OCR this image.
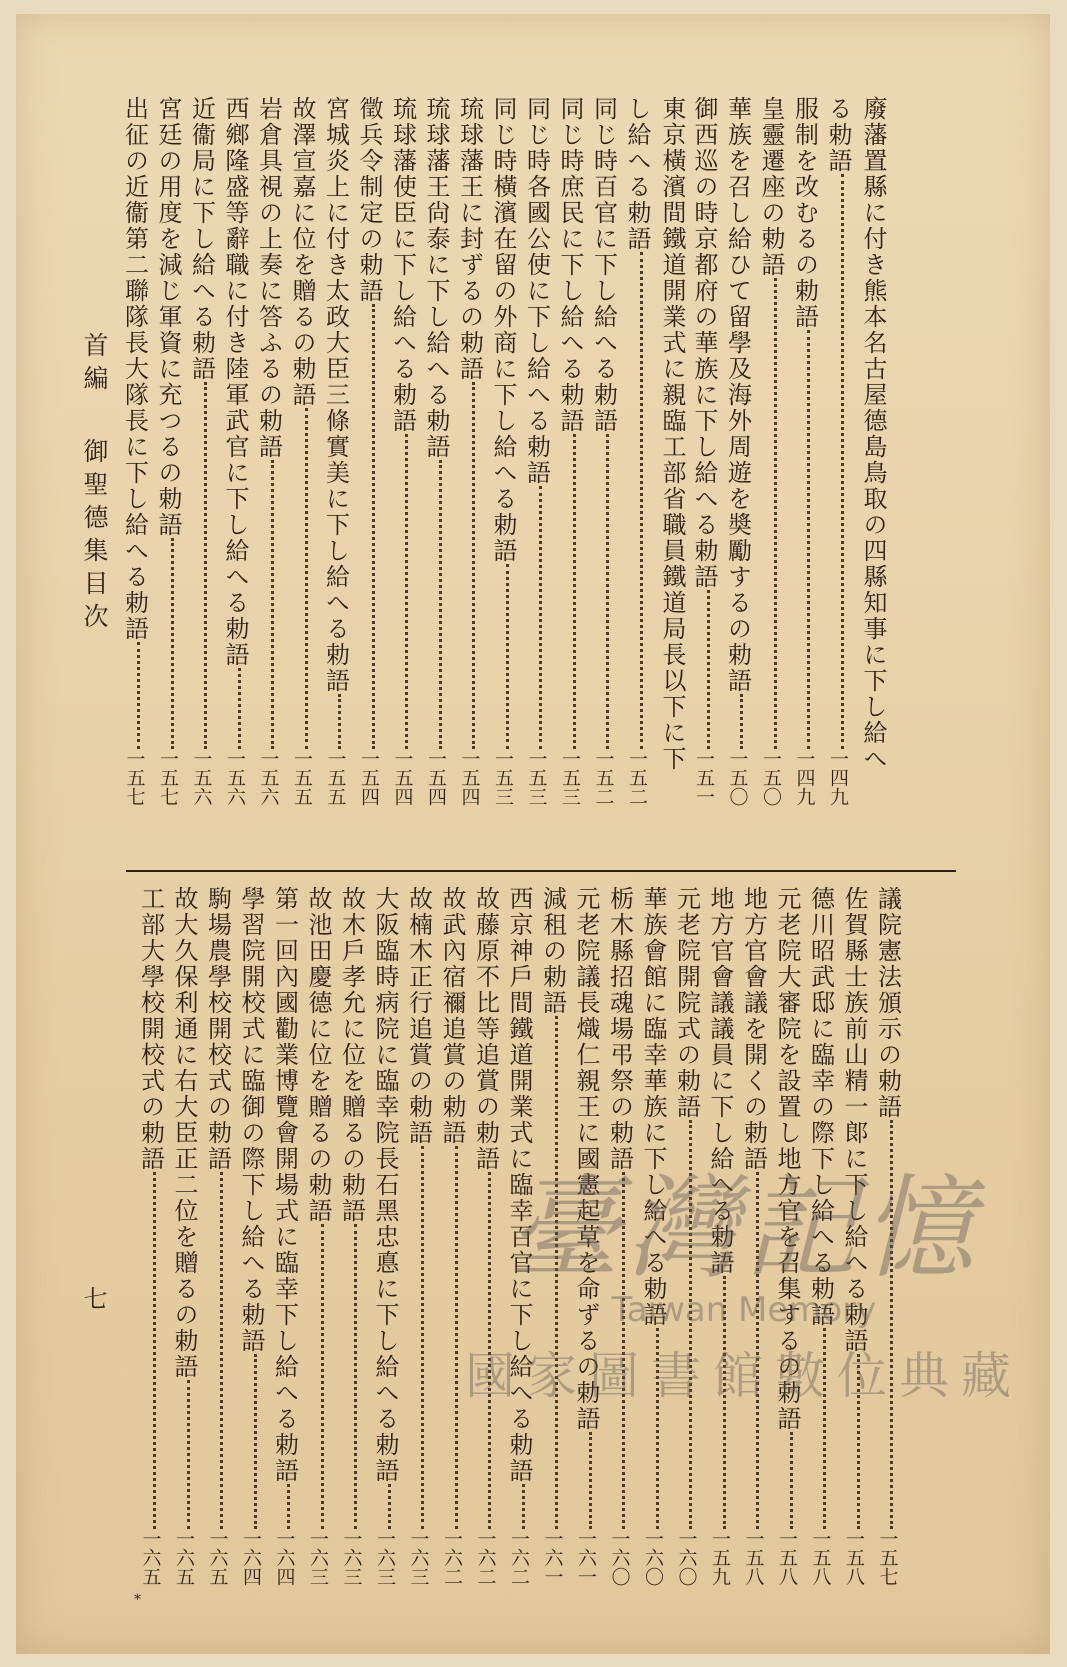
首編御聖德集目次
七
*
廢藩置縣に付き熊本名古屋德島鳥取の四縣知事に下し給へ
る勅語一四九
服制を改むるの勅語一四九
皇靈遷座の勅語一五〇
華族を召し給ひて留學及海外周遊を奬勵するの勅語一五〇
御西巡の時京都府の華族に下し給へる勅語一五一
東京橫濱間鐵道開業式に親臨工部省職員鐵道局長以下に下
し給へる勅語一五二
同じ時百官に下し給へる勅語一五二
同じ時庶民に下し給へる勅語一五三
同じ時各國公使に下し給へる勅語一五三
同じ時橫濱在留の外商に下し給へる勅語一五三
琉球藩王に封ずるの勅語一五四
琉球藩王尙泰に下し給へる勅語一五四
琉球藩使臣に下し給へる勅語一五四
徵兵令制定の勅語一五四
宮城炎上に付き太政大臣三條實美に下し給へる勅語一五五
故澤宣嘉に位を贈るの勅語一五五
岩倉具視の上奏に答ふるの勅語一五六
西鄉隆盛等辭職に付き陸軍武官に下し給へる勅語一五六
近衞局に下し給へる勅語一五六
宮廷の用度を減じ軍資に充つるの勅語一五七
出征の近衞第二聯隊長大隊長に下し給へる勅語一五七
議院憲法頒示の勅語一五七
佐賀縣士族前山精一郞に下し給へる勅語一五八
德川昭武邸に臨幸の際下し給へる勅語一五八
元老院大審院を設置し地方官を召集するの勅語一五八
地方官會議を開くの勅語一五八
地方官會議議員に下し給へる勅語一五九
元老院開院式の勅語一六〇
華族會館に臨幸華族に下し給へる勅語一六〇
栃木縣招魂場弔祭の勅語一六〇
元老院議長熾仁親王に國憲起草を命ずるの勅語一六一
減租の勅語一六一
西京神戶間鐵道開業式に臨幸百官に下し給へる勅語一六二
故藤原不比等追賞の勅語一六二
故武內宿禰追賞の勅語一六二
故楠木正行追賞の勅語一六三
大阪臨時病院に臨幸院長石黑忠悳に下し給へる勅語一六三
故木戶孝允に位を贈るの勅語一六三
故池田慶德に位を贈るの勅語一六三
第一回內國勸業博覽會開場式に臨幸下し給へる勅語一六四
學習院開校式に臨御の際下し給へる勅語一六四
駒場農學校開校式の勅語一六五
故大久保利通に右大臣正二位を贈るの勅語一六五
工部大學校開校式の勅語一六五
臺灣記憶
Taiwan Memory
國家圖書館數位典藏
